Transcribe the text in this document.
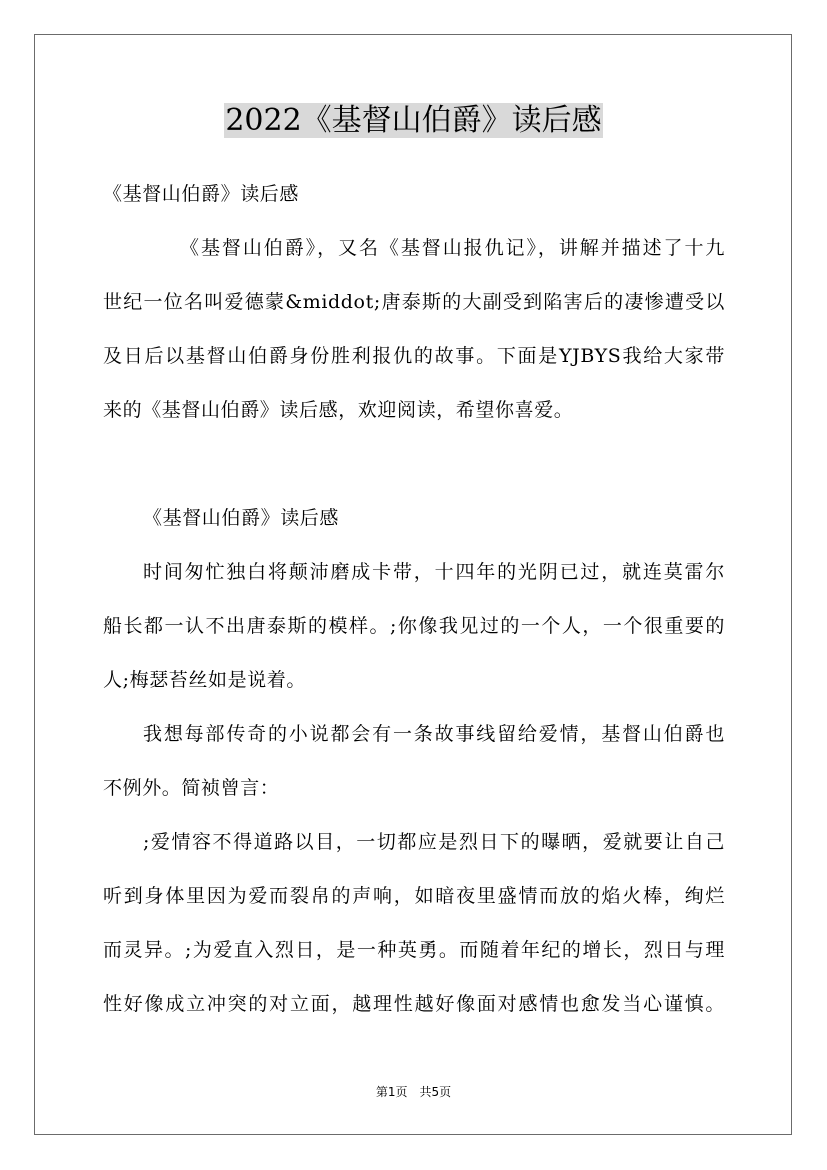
2022《基督山伯爵》读后感
《基督山伯爵》读后感
《基督山伯爵》，又名《基督山报仇记》，讲解并描述了十九
世纪一位名叫爱德蒙&middot;唐泰斯的大副受到陷害后的凄惨遭受以
及日后以基督山伯爵身份胜利报仇的故事。下面是YJBYS我给大家带
来的《基督山伯爵》读后感，欢迎阅读，希望你喜爱。
《基督山伯爵》读后感
时间匆忙独白将颠沛磨成卡带，十四年的光阴已过，就连莫雷尔
船长都一认不出唐泰斯的模样。;你像我见过的一个人，一个很重要的
人;梅瑟苔丝如是说着。
我想每部传奇的小说都会有一条故事线留给爱情，基督山伯爵也
不例外。简祯曾言：
;爱情容不得道路以目，一切都应是烈日下的曝晒，爱就要让自己
听到身体里因为爱而裂帛的声响，如暗夜里盛情而放的焰火棒，绚烂
而灵异。;为爱直入烈日，是一种英勇。而随着年纪的增长，烈日与理
性好像成立冲突的对立面，越理性越好像面对感情也愈发当心谨慎。
第1页　共5页
